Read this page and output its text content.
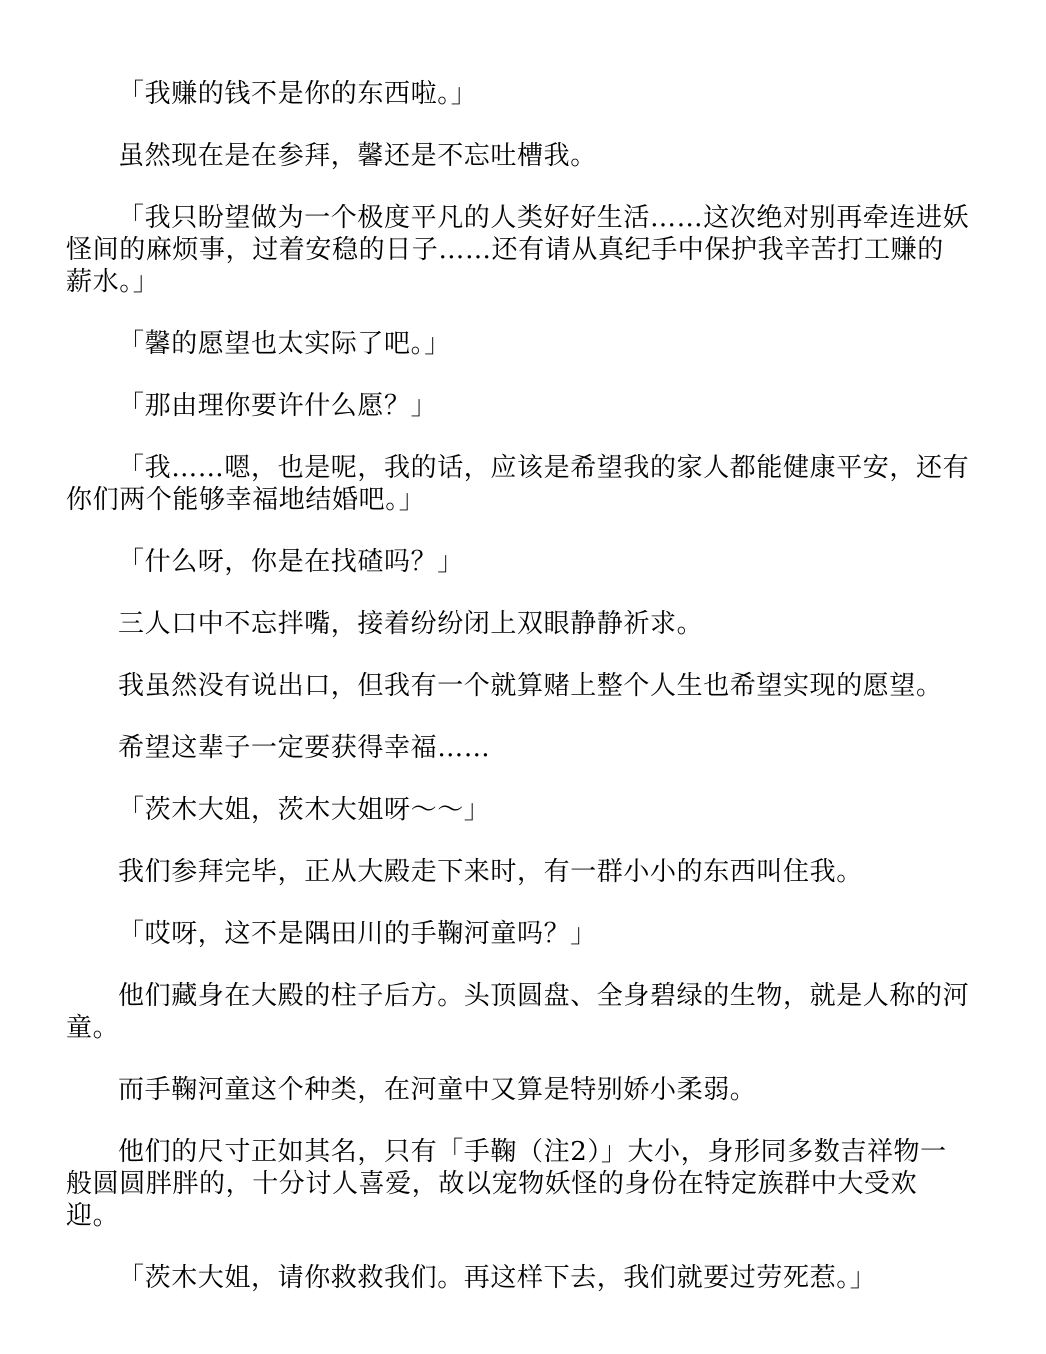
「我赚的钱不是你的东西啦。」

虽然现在是在参拜，馨还是不忘吐槽我。

「我只盼望做为一个极度平凡的人类好好生活……这次绝对别再牵连进妖怪间的麻烦事，过着安稳的日子……还有请从真纪手中保护我辛苦打工赚的薪水。」

「馨的愿望也太实际了吧。」

「那由理你要许什么愿？」

「我……嗯，也是呢，我的话，应该是希望我的家人都能健康平安，还有你们两个能够幸福地结婚吧。」

「什么呀，你是在找碴吗？」

三人口中不忘拌嘴，接着纷纷闭上双眼静静祈求。

我虽然没有说出口，但我有一个就算赌上整个人生也希望实现的愿望。

希望这辈子一定要获得幸福……

「茨木大姐，茨木大姐呀～～」

我们参拜完毕，正从大殿走下来时，有一群小小的东西叫住我。

「哎呀，这不是隅田川的手鞠河童吗？」

他们藏身在大殿的柱子后方。头顶圆盘、全身碧绿的生物，就是人称的河童。

而手鞠河童这个种类，在河童中又算是特别娇小柔弱。

他们的尺寸正如其名，只有「手鞠（注2）」大小，身形同多数吉祥物一般圆圆胖胖的，十分讨人喜爱，故以宠物妖怪的身份在特定族群中大受欢迎。

「茨木大姐，请你救救我们。再这样下去，我们就要过劳死惹。」
